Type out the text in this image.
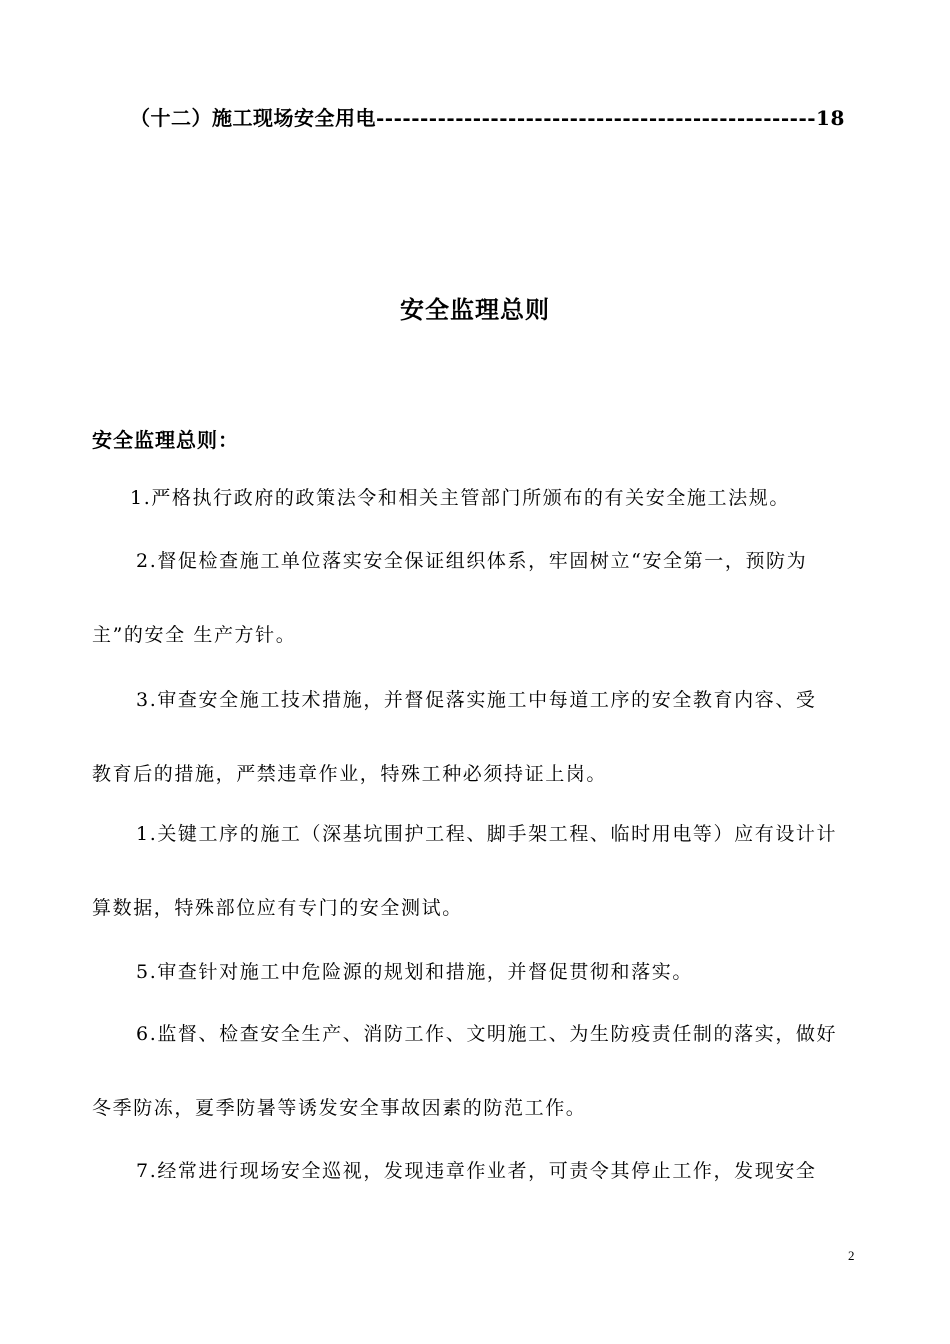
（十二）施工现场安全用电--------------------------------------------------18
安全监理总则
安全监理总则：
1.严格执行政府的政策法令和相关主管部门所颁布的有关安全施工法规。
2.督促检查施工单位落实安全保证组织体系，牢固树立“安全第一，预防为
主”的安全 生产方针。
3.审查安全施工技术措施，并督促落实施工中每道工序的安全教育内容、受
教育后的措施，严禁违章作业，特殊工种必须持证上岗。
1.关键工序的施工（深基坑围护工程、脚手架工程、临时用电等）应有设计计
算数据，特殊部位应有专门的安全测试。
5.审查针对施工中危险源的规划和措施，并督促贯彻和落实。
6.监督、检查安全生产、消防工作、文明施工、为生防疫责任制的落实，做好
冬季防冻，夏季防暑等诱发安全事故因素的防范工作。
7.经常进行现场安全巡视，发现违章作业者，可责令其停止工作，发现安全
2
